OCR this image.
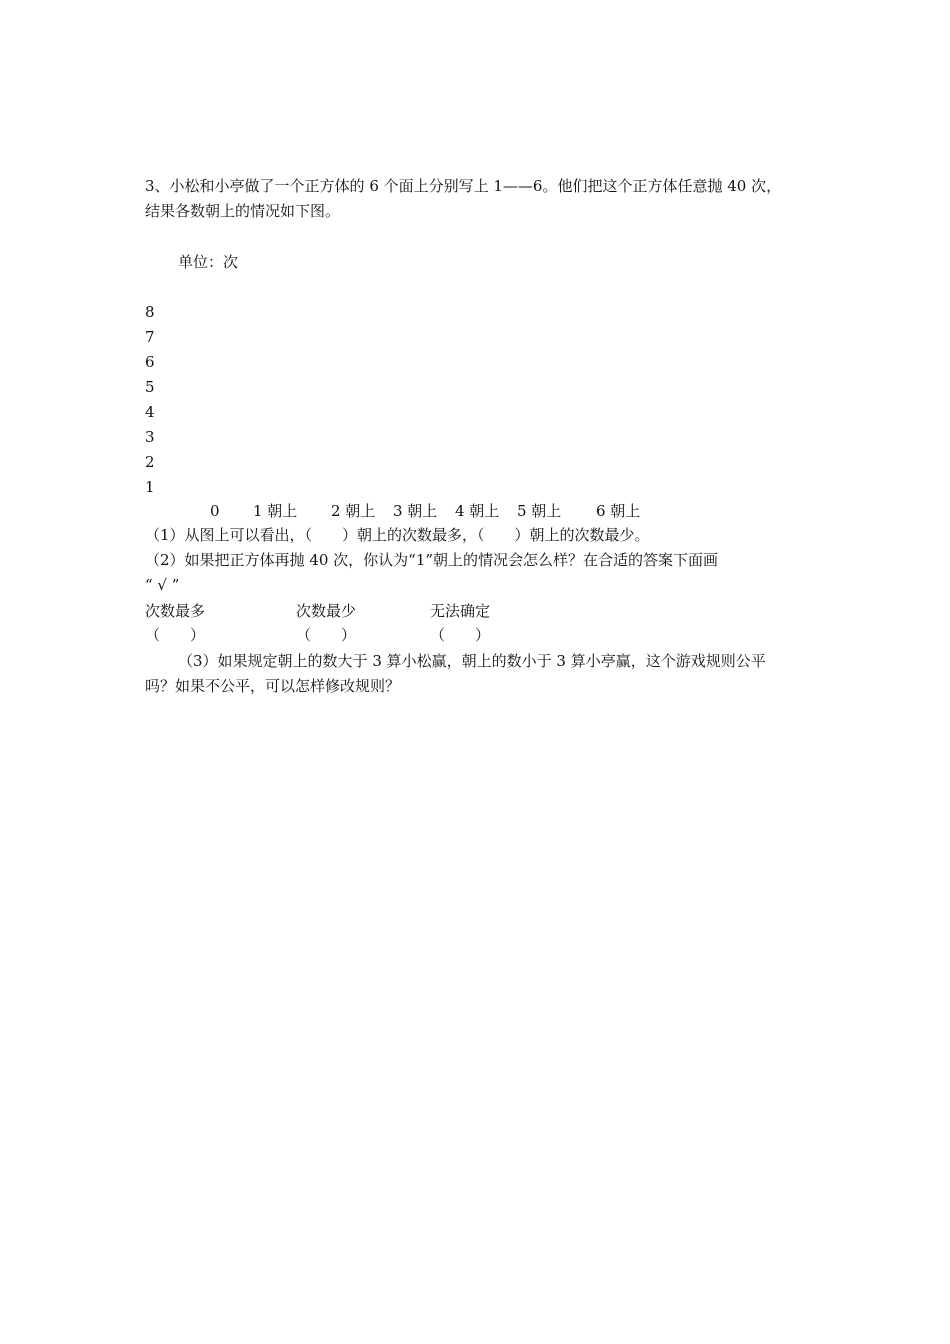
3、小松和小亭做了一个正方体的 6 个面上分别写上 1——6。他们把这个正方体任意抛 40 次，
结果各数朝上的情况如下图。
单位：次
8
7
6
5
4
3
2
1
0 1 朝上 2 朝上 3 朝上 4 朝上 5 朝上 6 朝上
（1）从图上可以看出，（　　）朝上的次数最多，（　　）朝上的次数最少。
（2）如果把正方体再抛 40 次，你认为“1”朝上的情况会怎么样？在合适的答案下面画
“ √ ”
次数最多	次数最少	无法确定
（　　）	（　　）	（　　）
（3）如果规定朝上的数大于 3 算小松赢，朝上的数小于 3 算小亭赢，这个游戏规则公平
吗？如果不公平，可以怎样修改规则？
